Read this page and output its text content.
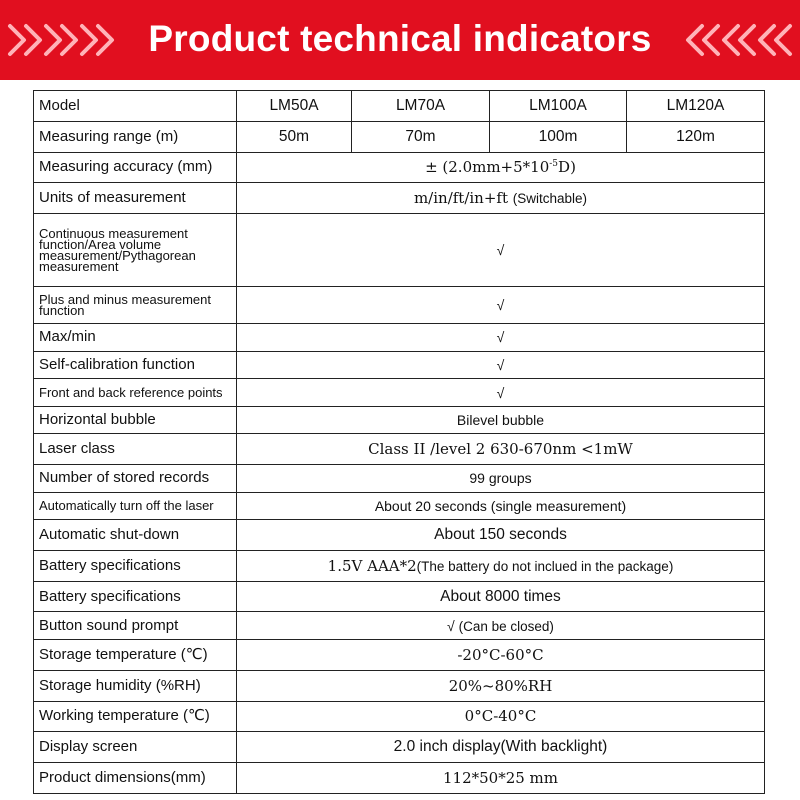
Product technical indicators
Model	LM50A	LM70A	LM100A	LM120A
Measuring range (m)	50m	70m	100m	120m
Measuring accuracy (mm)	± $(2.0mm+5*10^{-5}D)$			
Units of measurement	m/in/ft/in+ft (Switchable)			
Continuous measurement function/Area volume measurement/Pythagorean measurement	√			
Plus and minus measurement function	√			
Max/min	√			
Self-calibration function	√			
Front and back reference points	√			
Horizontal bubble	Bilevel bubble			
Laser class	Class II /level 2 630-670nm <1mW			
Number of stored records	99 groups			
Automatically turn off the laser	About 20 seconds (single measurement)			
Automatic shut-down	About 150 seconds			
Battery specifications	1.5V AAA*2(The battery do not inclued in the package)			
Battery specifications	About 8000 times			
Button sound prompt	√ (Can be closed)			
Storage temperature (℃)	-20°C-60°C			
Storage humidity (%RH)	20%~80%RH			
Working temperature (℃)	0°C-40°C			
Display screen	2.0 inch display(With backlight)			
Product dimensions(mm)	112*50*25 mm			
